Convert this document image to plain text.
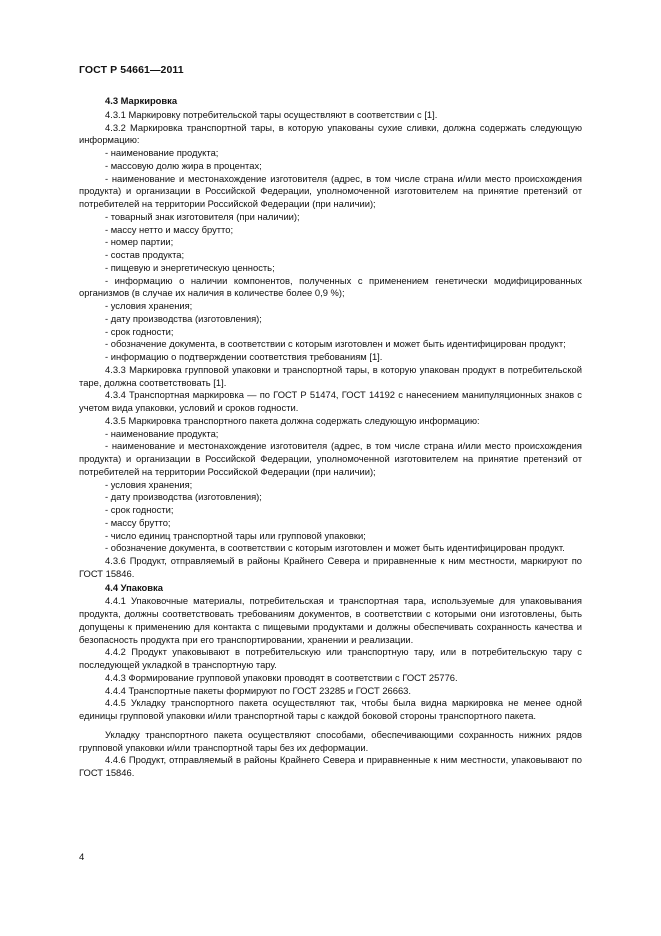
ГОСТ Р 54661—2011

4.3 Маркировка

4.3.1 Маркировку потребительской тары осуществляют в соответствии с [1].

4.3.2 Маркировка транспортной тары, в которую упакованы сухие сливки, должна содержать следующую информацию:

- наименование продукта;

- массовую долю жира в процентах;

- наименование и местонахождение изготовителя (адрес, в том числе страна и/или место происхождения продукта) и организации в Российской Федерации, уполномоченной изготовителем на принятие претензий от потребителей на территории Российской Федерации (при наличии);

- товарный знак изготовителя (при наличии);

- массу нетто и массу брутто;

- номер партии;

- состав продукта;

- пищевую и энергетическую ценность;

- информацию о наличии компонентов, полученных с применением генетически модифицированных организмов (в случае их наличия в количестве более 0,9 %);

- условия хранения;

- дату производства (изготовления);

- срок годности;

- обозначение документа, в соответствии с которым изготовлен и может быть идентифицирован продукт;

- информацию о подтверждении соответствия требованиям [1].

4.3.3 Маркировка групповой упаковки и транспортной тары, в которую упакован продукт в потребительской таре, должна соответствовать [1].

4.3.4 Транспортная маркировка — по ГОСТ Р 51474, ГОСТ 14192 с нанесением манипуляционных знаков с учетом вида упаковки, условий и сроков годности.

4.3.5 Маркировка транспортного пакета должна содержать следующую информацию:

- наименование продукта;

- наименование и местонахождение изготовителя (адрес, в том числе страна и/или место происхождения продукта) и организации в Российской Федерации, уполномоченной изготовителем на принятие претензий от потребителей на территории Российской Федерации (при наличии);

- условия хранения;

- дату производства (изготовления);

- срок годности;

- массу брутто;

- число единиц транспортной тары или групповой упаковки;

- обозначение документа, в соответствии с которым изготовлен и может быть идентифицирован продукт.

4.3.6 Продукт, отправляемый в районы Крайнего Севера и приравненные к ним местности, маркируют по ГОСТ 15846.

4.4 Упаковка

4.4.1 Упаковочные материалы, потребительская и транспортная тара, используемые для упаковывания продукта, должны соответствовать требованиям документов, в соответствии с которыми они изготовлены, быть допущены к применению для контакта с пищевыми продуктами и должны обеспечивать сохранность качества и безопасность продукта при его транспортировании, хранении и реализации.

4.4.2 Продукт упаковывают в потребительскую или транспортную тару, или в потребительскую тару с последующей укладкой в транспортную тару.

4.4.3 Формирование групповой упаковки проводят в соответствии с ГОСТ 25776.

4.4.4 Транспортные пакеты формируют по ГОСТ 23285 и ГОСТ 26663.

4.4.5 Укладку транспортного пакета осуществляют так, чтобы была видна маркировка не менее одной единицы групповой упаковки и/или транспортной тары с каждой боковой стороны транспортного пакета.

Укладку транспортного пакета осуществляют способами, обеспечивающими сохранность нижних рядов групповой упаковки и/или транспортной тары без их деформации.

4.4.6 Продукт, отправляемый в районы Крайнего Севера и приравненные к ним местности, упаковывают по ГОСТ 15846.

4
